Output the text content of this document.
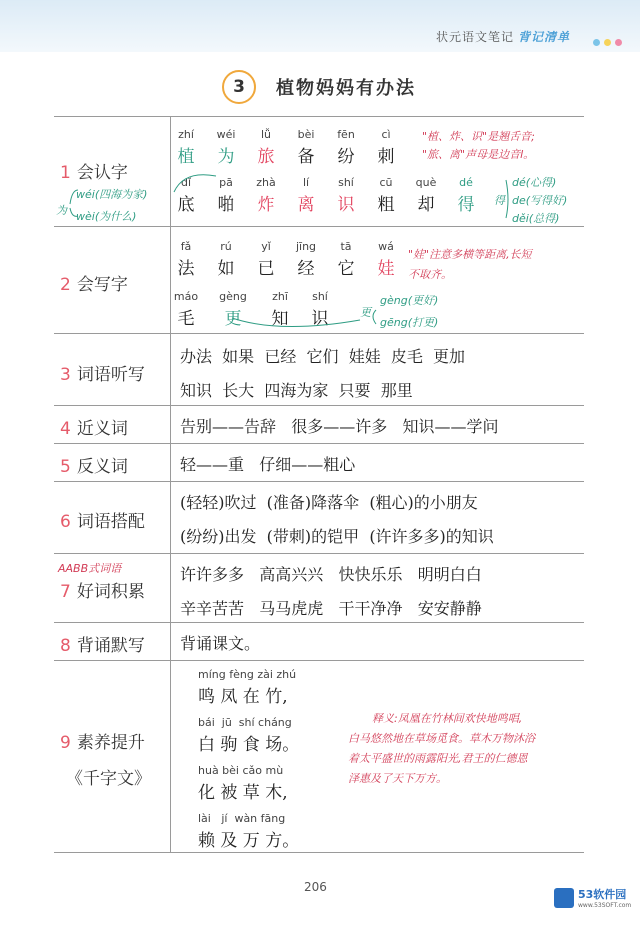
状元语文笔记 背记清单
3	植物妈妈有办法
1 会认字
2 会写字
3 词语听写
4 近义词
5 反义词
6 词语搭配
7 好词积累
8 背诵默写
9 素养提升
《千字文》
zhí
植
wéi
为
lǚ
旅
bèi
备
fēn
纷
cì
刺
dǐ
底
pā
啪
zhà
炸
lí
离
shí
识
cū
粗
què
却
dé
得
"植、炸、识"是翘舌音;
"旅、离"声母是边音l。
为
wéi(四海为家)
wèi(为什么)
得
dé(心得)
de(写得好)
děi(总得)
fǎ
法
rú
如
yǐ
已
jīng
经
tā
它
wá
娃
máo
毛
gèng
更
zhī
知
shí
识
"娃"注意多横等距离,长短
不取齐。
更
gèng(更好)
gēng(打更)
办法  如果  已经  它们  娃娃  皮毛  更加
知识  长大  四海为家  只要  那里
告别——告辞   很多——许多   知识——学问
轻——重   仔细——粗心
(轻轻)吹过  (准备)降落伞  (粗心)的小朋友
(纷纷)出发  (带刺)的铠甲  (许许多多)的知识
AABB式词语	许许多多   高高兴兴   快快乐乐   明明白白
辛辛苦苦   马马虎虎   干干净净   安安静静
背诵课文。
míng fèng zài zhú
鸣 凤 在 竹,
bái  jū  shí cháng
白 驹 食 场。
huà bèi cǎo mù
化 被 草 木,
lài   jí  wàn fāng
赖 及 万 方。
释义:凤凰在竹林间欢快地鸣唱,
白马悠然地在草场觅食。草木万物沐浴
着太平盛世的雨露阳光,君王的仁德恩
泽惠及了天下万方。
206
53软件园
www.53SOFT.com
